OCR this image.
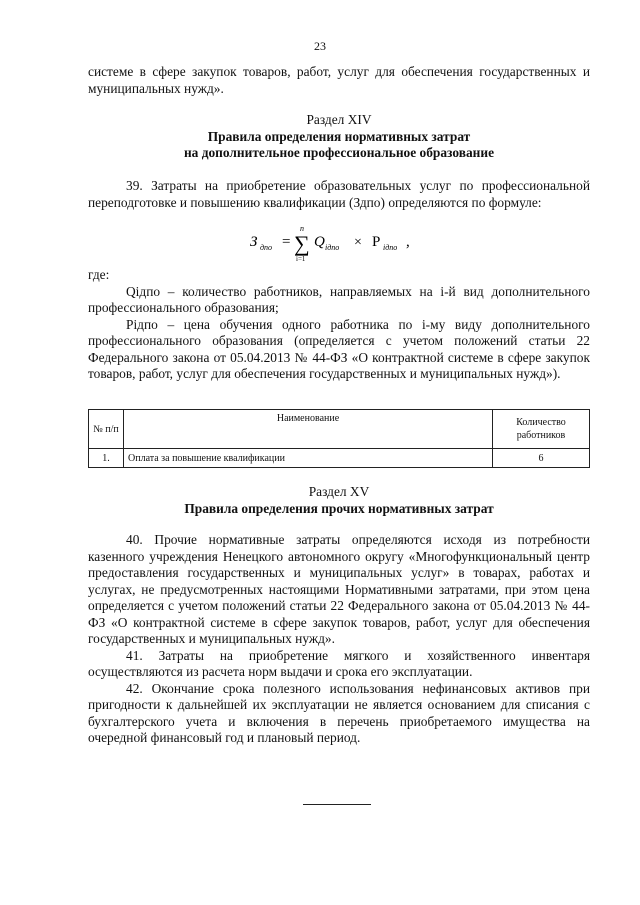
23

системе в сфере закупок товаров, работ, услуг для обеспечения государственных и муниципальных нужд».

Раздел XIV

Правила определения нормативных затрат

на дополнительное профессиональное образование

39. Затраты на приобретение образовательных услуг по профессиональной переподготовке и повышению квалификации (Здпо) определяются по формуле:

З дпо =
n
∑
i=1
Q iдпо × P iдпо ,

где:

Qiдпо – количество работников, направляемых на i-й вид дополнительного профессионального образования;

Piдпо – цена обучения одного работника по i-му виду дополнительного профессионального образования (определяется с учетом положений статьи 22 Федерального закона от 05.04.2013 № 44-ФЗ «О контрактной системе в сфере закупок товаров, работ, услуг для обеспечения государственных и муниципальных нужд»).

№ п/п	Наименование	Количество работников
1.	Оплата за повышение квалификации	6

Раздел XV

Правила определения прочих нормативных затрат

40. Прочие нормативные затраты определяются исходя из потребности казенного учреждения Ненецкого автономного округу «Многофункциональный центр предоставления государственных и муниципальных услуг» в товарах, работах и услугах, не предусмотренных настоящими Нормативными затратами, при этом цена определяется с учетом положений статьи 22 Федерального закона от 05.04.2013 № 44-ФЗ «О контрактной системе в сфере закупок товаров, работ, услуг для обеспечения государственных и муниципальных нужд».

41. Затраты на приобретение мягкого и хозяйственного инвентаря осуществляются из расчета норм выдачи и срока его эксплуатации.

42. Окончание срока полезного использования нефинансовых активов при пригодности к дальнейшей их эксплуатации не является основанием для списания с бухгалтерского учета и включения в перечень приобретаемого имущества на очередной финансовый год и плановый период.
